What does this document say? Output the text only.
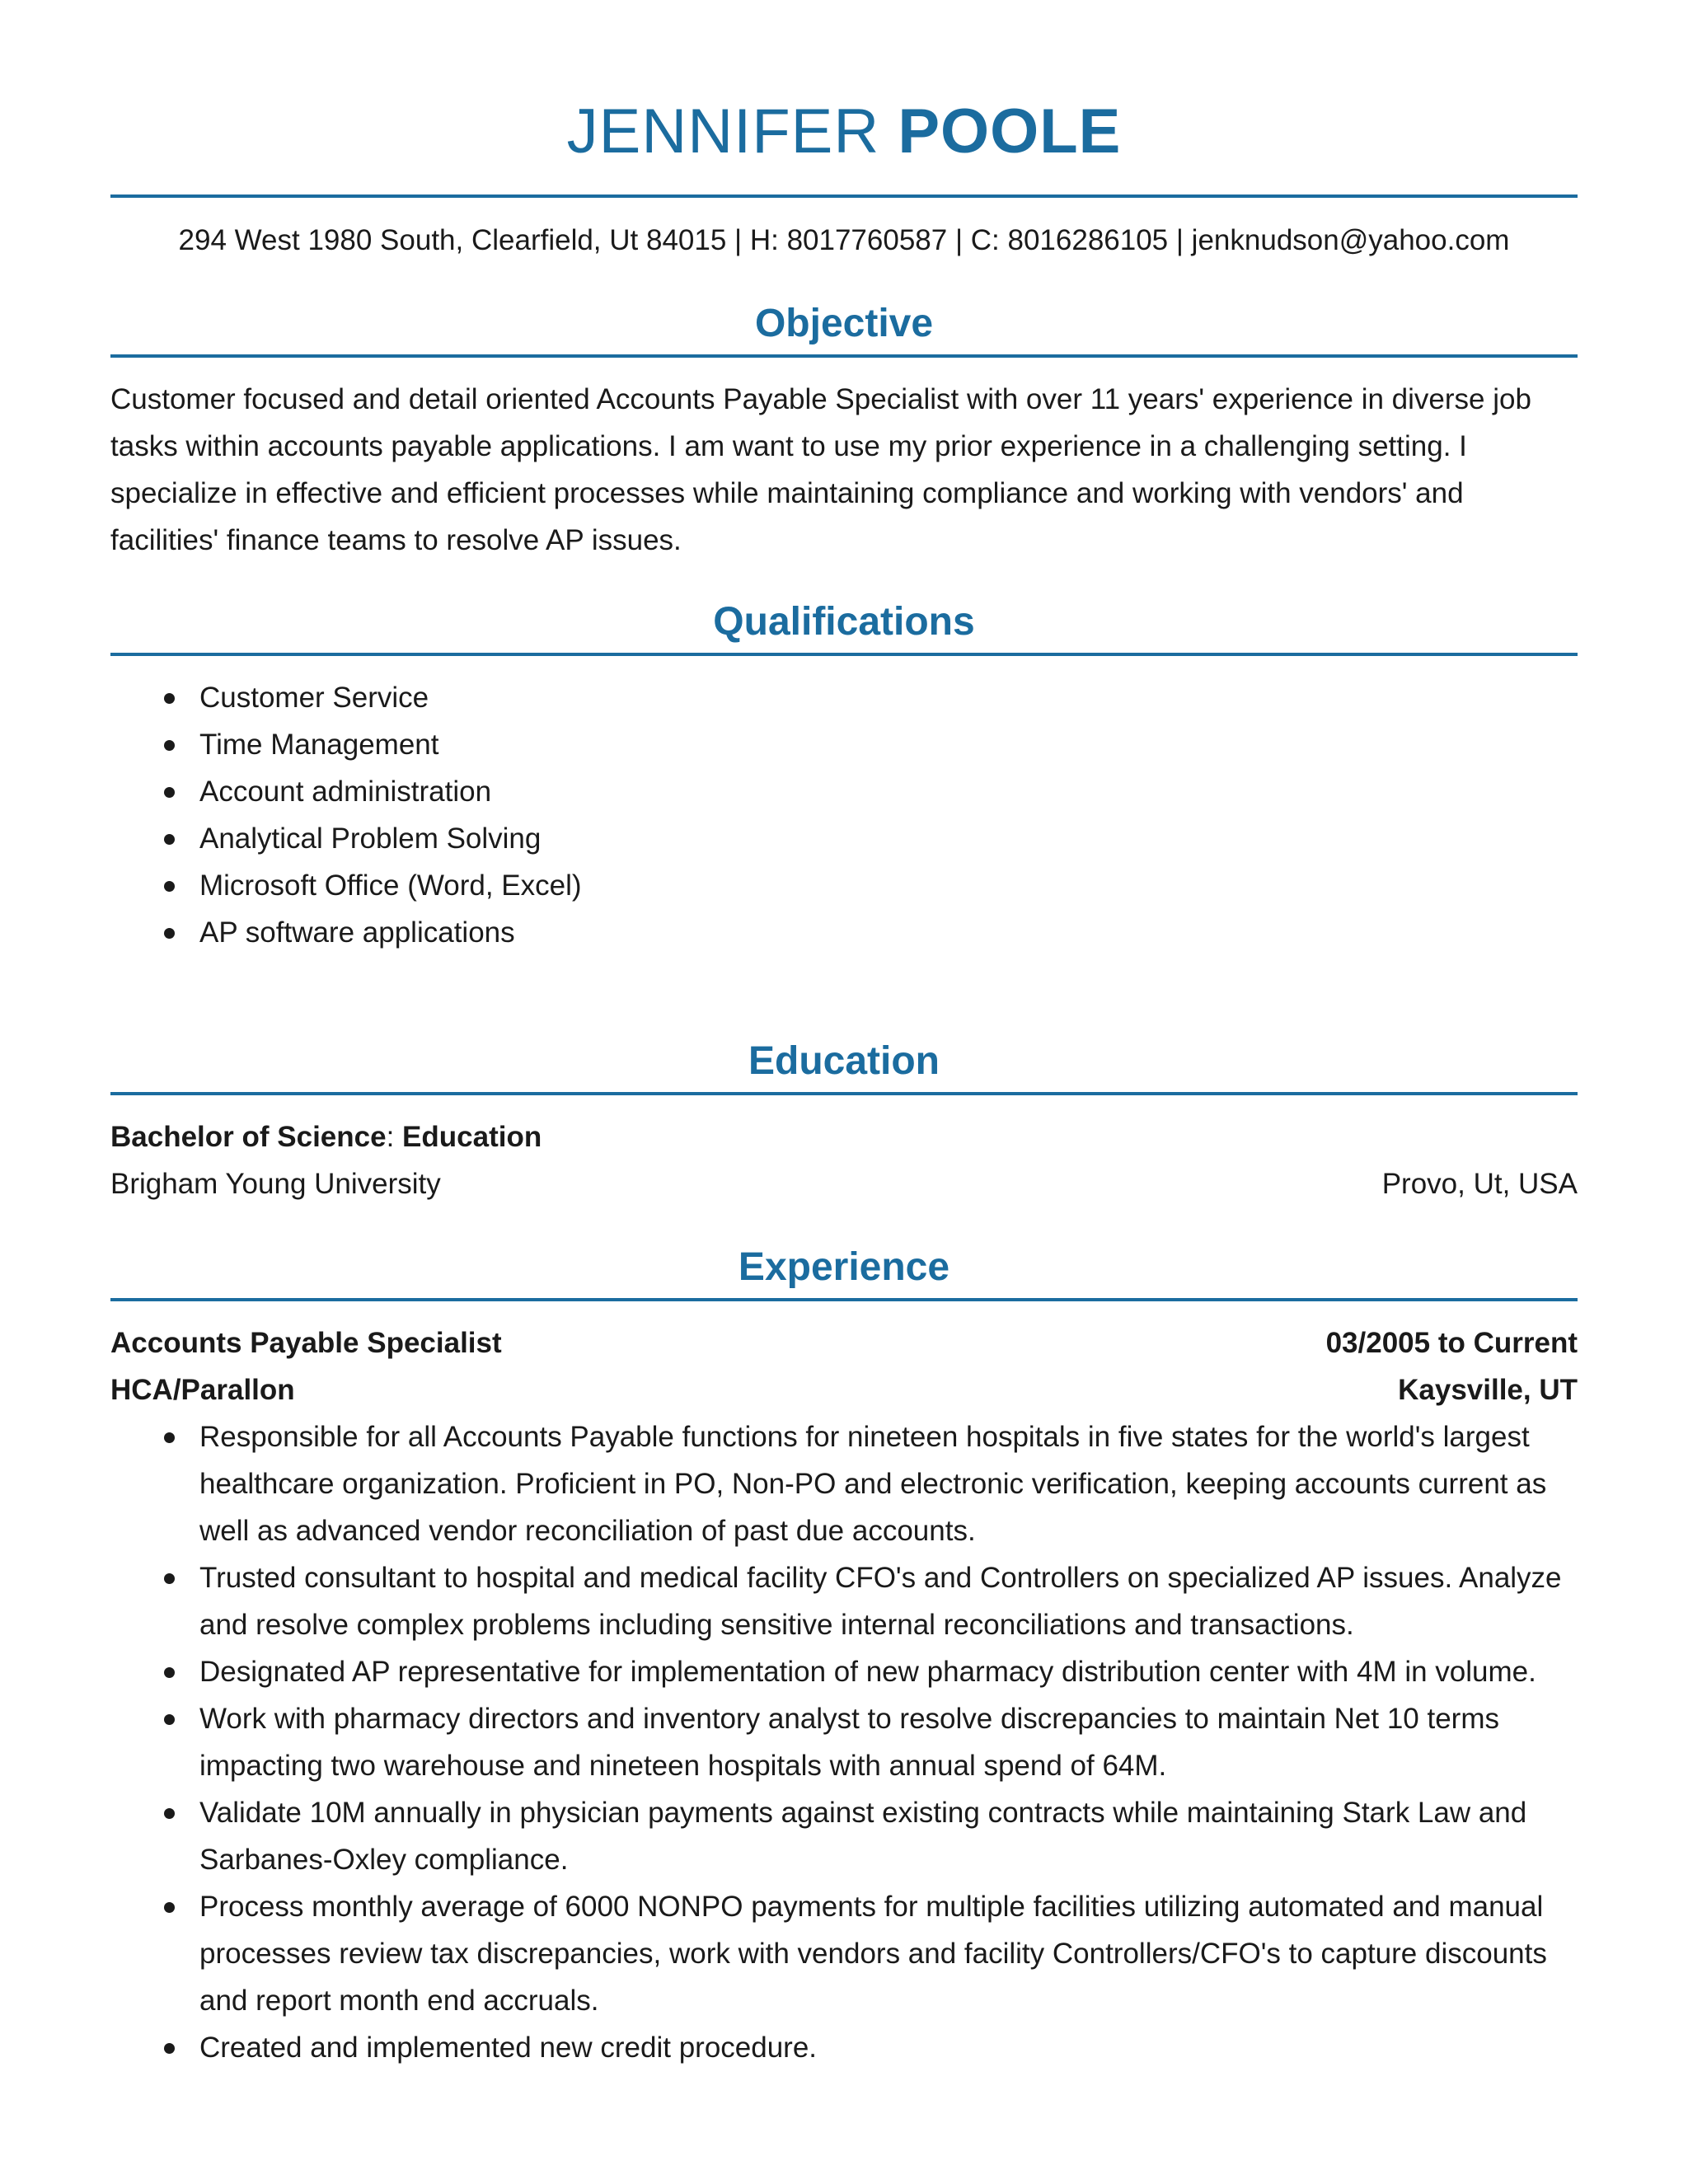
JENNIFER POOLE
294 West 1980 South, Clearfield, Ut 84015 | H: 8017760587 | C: 8016286105 | jenknudson@yahoo.com
Objective

Customer focused and detail oriented Accounts Payable Specialist with over 11 years' experience in diverse job tasks within accounts payable applications. I am want to use my prior experience in a challenging setting. I specialize in effective and efficient processes while maintaining compliance and working with vendors' and facilities' finance teams to resolve AP issues.

Qualifications
Customer Service
Time Management
Account administration
Analytical Problem Solving
Microsoft Office (Word, Excel)
AP software applications
Education
Bachelor of Science: Education
Brigham Young University	Provo, Ut, USA
Experience
Accounts Payable Specialist	03/2005 to Current
HCA/Parallon	Kaysville, UT
Responsible for all Accounts Payable functions for nineteen hospitals in five states for the world's largest healthcare organization. Proficient in PO, Non-PO and electronic verification, keeping accounts current as well as advanced vendor reconciliation of past due accounts.
Trusted consultant to hospital and medical facility CFO's and Controllers on specialized AP issues. Analyze and resolve complex problems including sensitive internal reconciliations and transactions.
Designated AP representative for implementation of new pharmacy distribution center with 4M in volume.
Work with pharmacy directors and inventory analyst to resolve discrepancies to maintain Net 10 terms impacting two warehouse and nineteen hospitals with annual spend of 64M.
Validate 10M annually in physician payments against existing contracts while maintaining Stark Law and Sarbanes-Oxley compliance.
Process monthly average of 6000 NONPO payments for multiple facilities utilizing automated and manual processes review tax discrepancies, work with vendors and facility Controllers/CFO's to capture discounts and report month end accruals.
Created and implemented new credit procedure.
